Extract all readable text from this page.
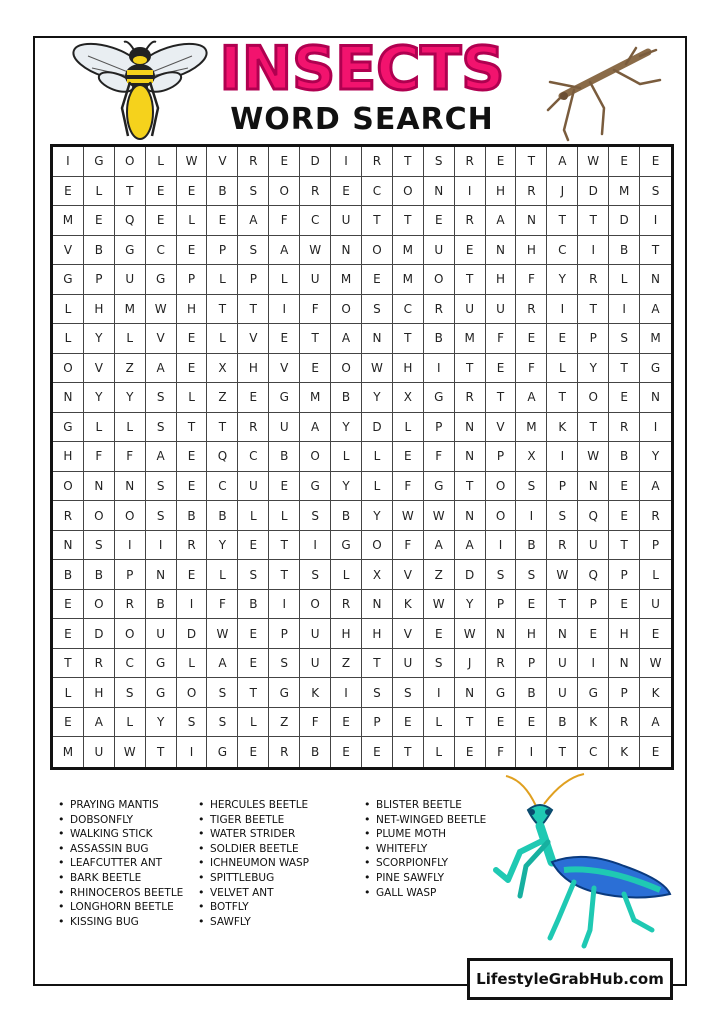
INSECTS
WORD SEARCH
I	G	O	L	W	V	R	E	D	I	R	T	S	R	E	T	A	W	E	E
E	L	T	E	E	B	S	O	R	E	C	O	N	I	H	R	J	D	M	S
M	E	Q	E	L	E	A	F	C	U	T	T	E	R	A	N	T	T	D	I
V	B	G	C	E	P	S	A	W	N	O	M	U	E	N	H	C	I	B	T
G	P	U	G	P	L	P	L	U	M	E	M	O	T	H	F	Y	R	L	N
L	H	M	W	H	T	T	I	F	O	S	C	R	U	U	R	I	T	I	A
L	Y	L	V	E	L	V	E	T	A	N	T	B	M	F	E	E	P	S	M
O	V	Z	A	E	X	H	V	E	O	W	H	I	T	E	F	L	Y	T	G
N	Y	Y	S	L	Z	E	G	M	B	Y	X	G	R	T	A	T	O	E	N
G	L	L	S	T	T	R	U	A	Y	D	L	P	N	V	M	K	T	R	I
H	F	F	A	E	Q	C	B	O	L	L	E	F	N	P	X	I	W	B	Y
O	N	N	S	E	C	U	E	G	Y	L	F	G	T	O	S	P	N	E	A
R	O	O	S	B	B	L	L	S	B	Y	W	W	N	O	I	S	Q	E	R
N	S	I	I	R	Y	E	T	I	G	O	F	A	A	I	B	R	U	T	P
B	B	P	N	E	L	S	T	S	L	X	V	Z	D	S	S	W	Q	P	L
E	O	R	B	I	F	B	I	O	R	N	K	W	Y	P	E	T	P	E	U
E	D	O	U	D	W	E	P	U	H	H	V	E	W	N	H	N	E	H	E
T	R	C	G	L	A	E	S	U	Z	T	U	S	J	R	P	U	I	N	W
L	H	S	G	O	S	T	G	K	I	S	S	I	N	G	B	U	G	P	K
E	A	L	Y	S	S	L	Z	F	E	P	E	L	T	E	E	B	K	R	A
M	U	W	T	I	G	E	R	B	E	E	T	L	E	F	I	T	C	K	E
• PRAYING MANTIS
• DOBSONFLY
• WALKING STICK
• ASSASSIN BUG
• LEAFCUTTER ANT
• BARK BEETLE
• RHINOCEROS BEETLE
• LONGHORN BEETLE
• KISSING BUG
• HERCULES BEETLE
• TIGER BEETLE
• WATER STRIDER
• SOLDIER BEETLE
• ICHNEUMON WASP
• SPITTLEBUG
• VELVET ANT
• BOTFLY
• SAWFLY
• BLISTER BEETLE
• NET-WINGED BEETLE
• PLUME MOTH
• WHITEFLY
• SCORPIONFLY
• PINE SAWFLY
• GALL WASP
LifestyleGrabHub.com
